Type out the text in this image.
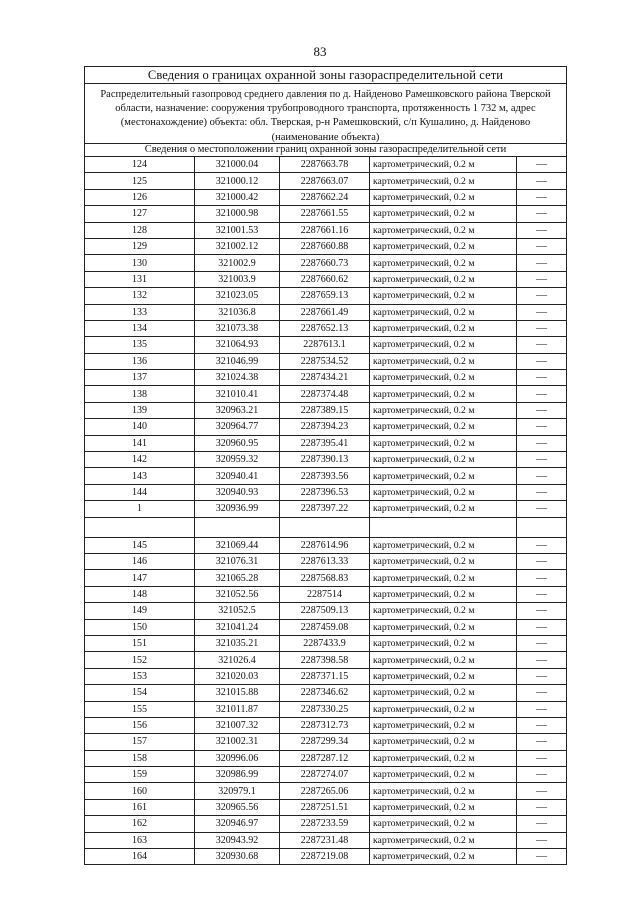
83
Сведения о границах охранной зоны газораспределительной сети				
Распределительный газопровод среднего давления по д. Найденово Рамешковского района Тверской области, назначение: сооружения трубопроводного транспорта, протяженность 1 732 м, адрес (местонахождение) объекта: обл. Тверская, р-н Рамешковский, с/п Кушалино, д. Найденово				
(наименование объекта)				
Сведения о местоположении границ охранной зоны газораспределительной сети				
124	321000.04	2287663.78	картометрический, 0.2 м	—
125	321000.12	2287663.07	картометрический, 0.2 м	—
126	321000.42	2287662.24	картометрический, 0.2 м	—
127	321000.98	2287661.55	картометрический, 0.2 м	—
128	321001.53	2287661.16	картометрический, 0.2 м	—
129	321002.12	2287660.88	картометрический, 0.2 м	—
130	321002.9	2287660.73	картометрический, 0.2 м	—
131	321003.9	2287660.62	картометрический, 0.2 м	—
132	321023.05	2287659.13	картометрический, 0.2 м	—
133	321036.8	2287661.49	картометрический, 0.2 м	—
134	321073.38	2287652.13	картометрический, 0.2 м	—
135	321064.93	2287613.1	картометрический, 0.2 м	—
136	321046.99	2287534.52	картометрический, 0.2 м	—
137	321024.38	2287434.21	картометрический, 0.2 м	—
138	321010.41	2287374.48	картометрический, 0.2 м	—
139	320963.21	2287389.15	картометрический, 0.2 м	—
140	320964.77	2287394.23	картометрический, 0.2 м	—
141	320960.95	2287395.41	картометрический, 0.2 м	—
142	320959.32	2287390.13	картометрический, 0.2 м	—
143	320940.41	2287393.56	картометрический, 0.2 м	—
144	320940.93	2287396.53	картометрический, 0.2 м	—
1	320936.99	2287397.22	картометрический, 0.2 м	—

145	321069.44	2287614.96	картометрический, 0.2 м	—
146	321076.31	2287613.33	картометрический, 0.2 м	—
147	321065.28	2287568.83	картометрический, 0.2 м	—
148	321052.56	2287514	картометрический, 0.2 м	—
149	321052.5	2287509.13	картометрический, 0.2 м	—
150	321041.24	2287459.08	картометрический, 0.2 м	—
151	321035.21	2287433.9	картометрический, 0.2 м	—
152	321026.4	2287398.58	картометрический, 0.2 м	—
153	321020.03	2287371.15	картометрический, 0.2 м	—
154	321015.88	2287346.62	картометрический, 0.2 м	—
155	321011.87	2287330.25	картометрический, 0.2 м	—
156	321007.32	2287312.73	картометрический, 0.2 м	—
157	321002.31	2287299.34	картометрический, 0.2 м	—
158	320996.06	2287287.12	картометрический, 0.2 м	—
159	320986.99	2287274.07	картометрический, 0.2 м	—
160	320979.1	2287265.06	картометрический, 0.2 м	—
161	320965.56	2287251.51	картометрический, 0.2 м	—
162	320946.97	2287233.59	картометрический, 0.2 м	—
163	320943.92	2287231.48	картометрический, 0.2 м	—
164	320930.68	2287219.08	картометрический, 0.2 м	—
